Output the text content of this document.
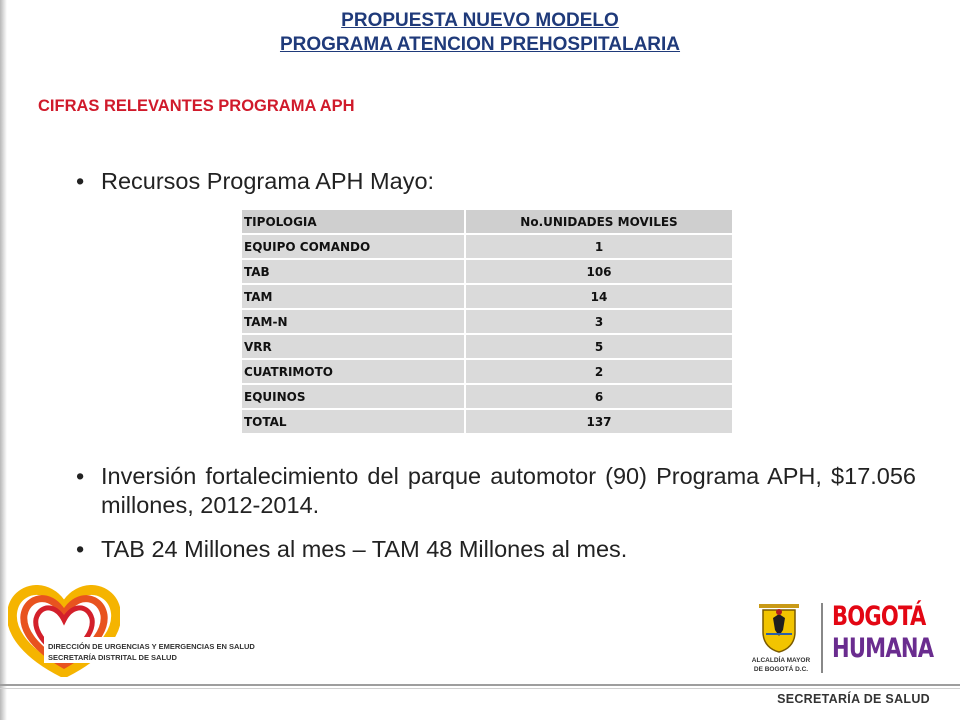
PROPUESTA NUEVO MODELO
PROGRAMA ATENCION PREHOSPITALARIA
CIFRAS RELEVANTES PROGRAMA APH

• Recursos Programa APH Mayo:

TIPOLOGIA	No.UNIDADES MOVILES
EQUIPO COMANDO	1
TAB	106
TAM	14
TAM-N	3
VRR	5
CUATRIMOTO	2
EQUINOS	6
TOTAL	137

• Inversión fortalecimiento del parque automotor (90) Programa APH, $17.056 millones, 2012-2014.

• TAB 24 Millones al mes – TAM 48 Millones al mes.

DIRECCIÓN DE URGENCIAS Y EMERGENCIAS EN SALUD
SECRETARÍA DISTRITAL DE SALUD	ALCALDÍA MAYOR
DE BOGOTÁ D.C.

BOGOTÁ
HUMANA

SECRETARÍA DE SALUD
